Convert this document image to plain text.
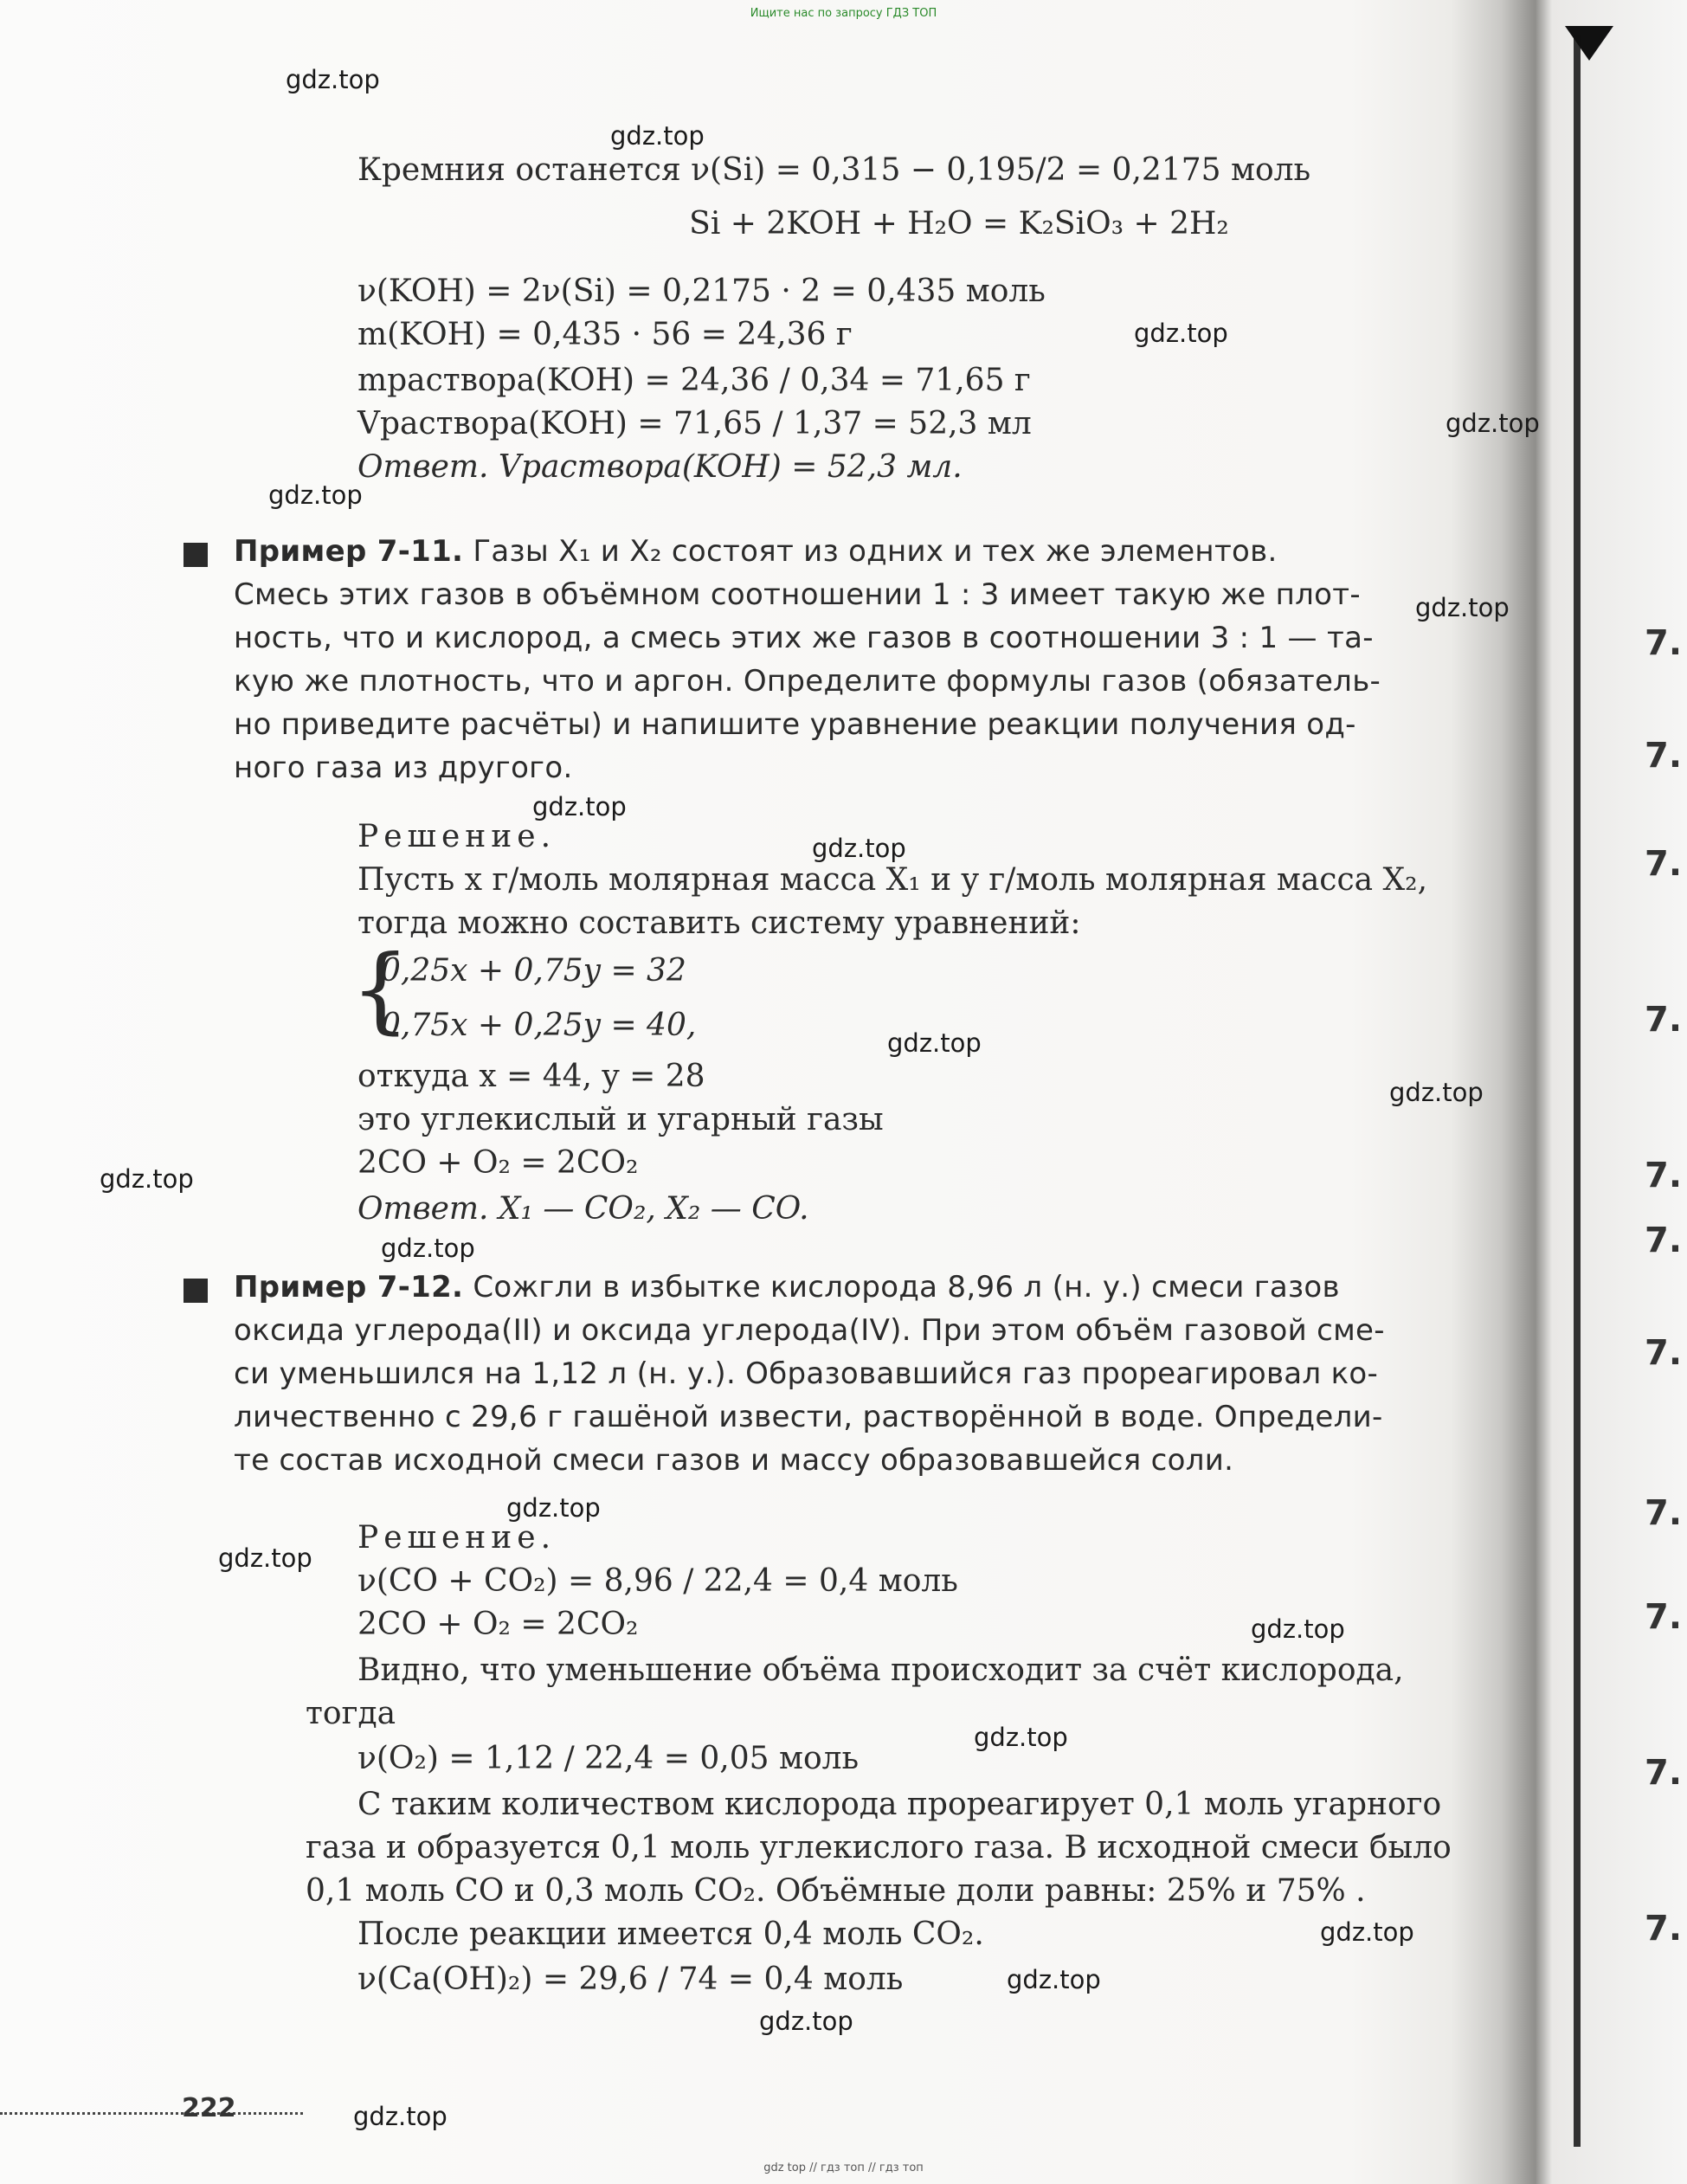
Ищите нас по запросу ГДЗ ТОП
7.
7.
7.
7.
7.
7.
7.
7.
7.
7.
7.
Кремния останется ν(Si) = 0,315 − 0,195/2 = 0,2175 моль
Si + 2KOH + H₂O = K₂SiO₃ + 2H₂
ν(KOH) = 2ν(Si) = 0,2175 · 2 = 0,435 моль
m(KOH) = 0,435 · 56 = 24,36 г
mраствора(KOH) = 24,36 / 0,34 = 71,65 г
Vраствора(KOH) = 71,65 / 1,37 = 52,3 мл
Ответ. Vраствора(KOH) = 52,3 мл.
Пример 7-11. Газы X₁ и X₂ состоят из одних и тех же элементов.
Смесь этих газов в объёмном соотношении 1 : 3 имеет такую же плот-
ность, что и кислород, а смесь этих же газов в соотношении 3 : 1 — та-
кую же плотность, что и аргон. Определите формулы газов (обязатель-
но приведите расчёты) и напишите уравнение реакции получения од-
ного газа из другого.
Решение.
Пусть x г/моль молярная масса X₁ и y г/моль молярная масса X₂,
тогда можно составить систему уравнений:
{
0,25x + 0,75y = 32
0,75x + 0,25y = 40,
откуда x = 44, y = 28
это углекислый и угарный газы
2CO + O₂ = 2CO₂
Ответ. X₁ — CO₂, X₂ — CO.
Пример 7-12. Сожгли в избытке кислорода 8,96 л (н. у.) смеси газов
оксида углерода(II) и оксида углерода(IV). При этом объём газовой сме-
си уменьшился на 1,12 л (н. у.). Образовавшийся газ прореагировал ко-
личественно с 29,6 г гашёной извести, растворённой в воде. Определи-
те состав исходной смеси газов и массу образовавшейся соли.
Решение.
ν(CO + CO₂) = 8,96 / 22,4 = 0,4 моль
2CO + O₂ = 2CO₂
Видно, что уменьшение объёма происходит за счёт кислорода,
тогда
ν(O₂) = 1,12 / 22,4 = 0,05 моль
С таким количеством кислорода прореагирует 0,1 моль угарного
газа и образуется 0,1 моль углекислого газа. В исходной смеси было
0,1 моль CO и 0,3 моль CO₂. Объёмные доли равны: 25% и 75% .
После реакции имеется 0,4 моль CO₂.
ν(Ca(OH)₂) = 29,6 / 74 = 0,4 моль
gdz.top
gdz.top
gdz.top
gdz.top
gdz.top
gdz.top
gdz.top
gdz.top
gdz.top
gdz.top
gdz.top
gdz.top
gdz.top
gdz.top
gdz.top
gdz.top
gdz.top
gdz.top
gdz.top
gdz.top
222
gdz top // гдз топ // гдз топ
